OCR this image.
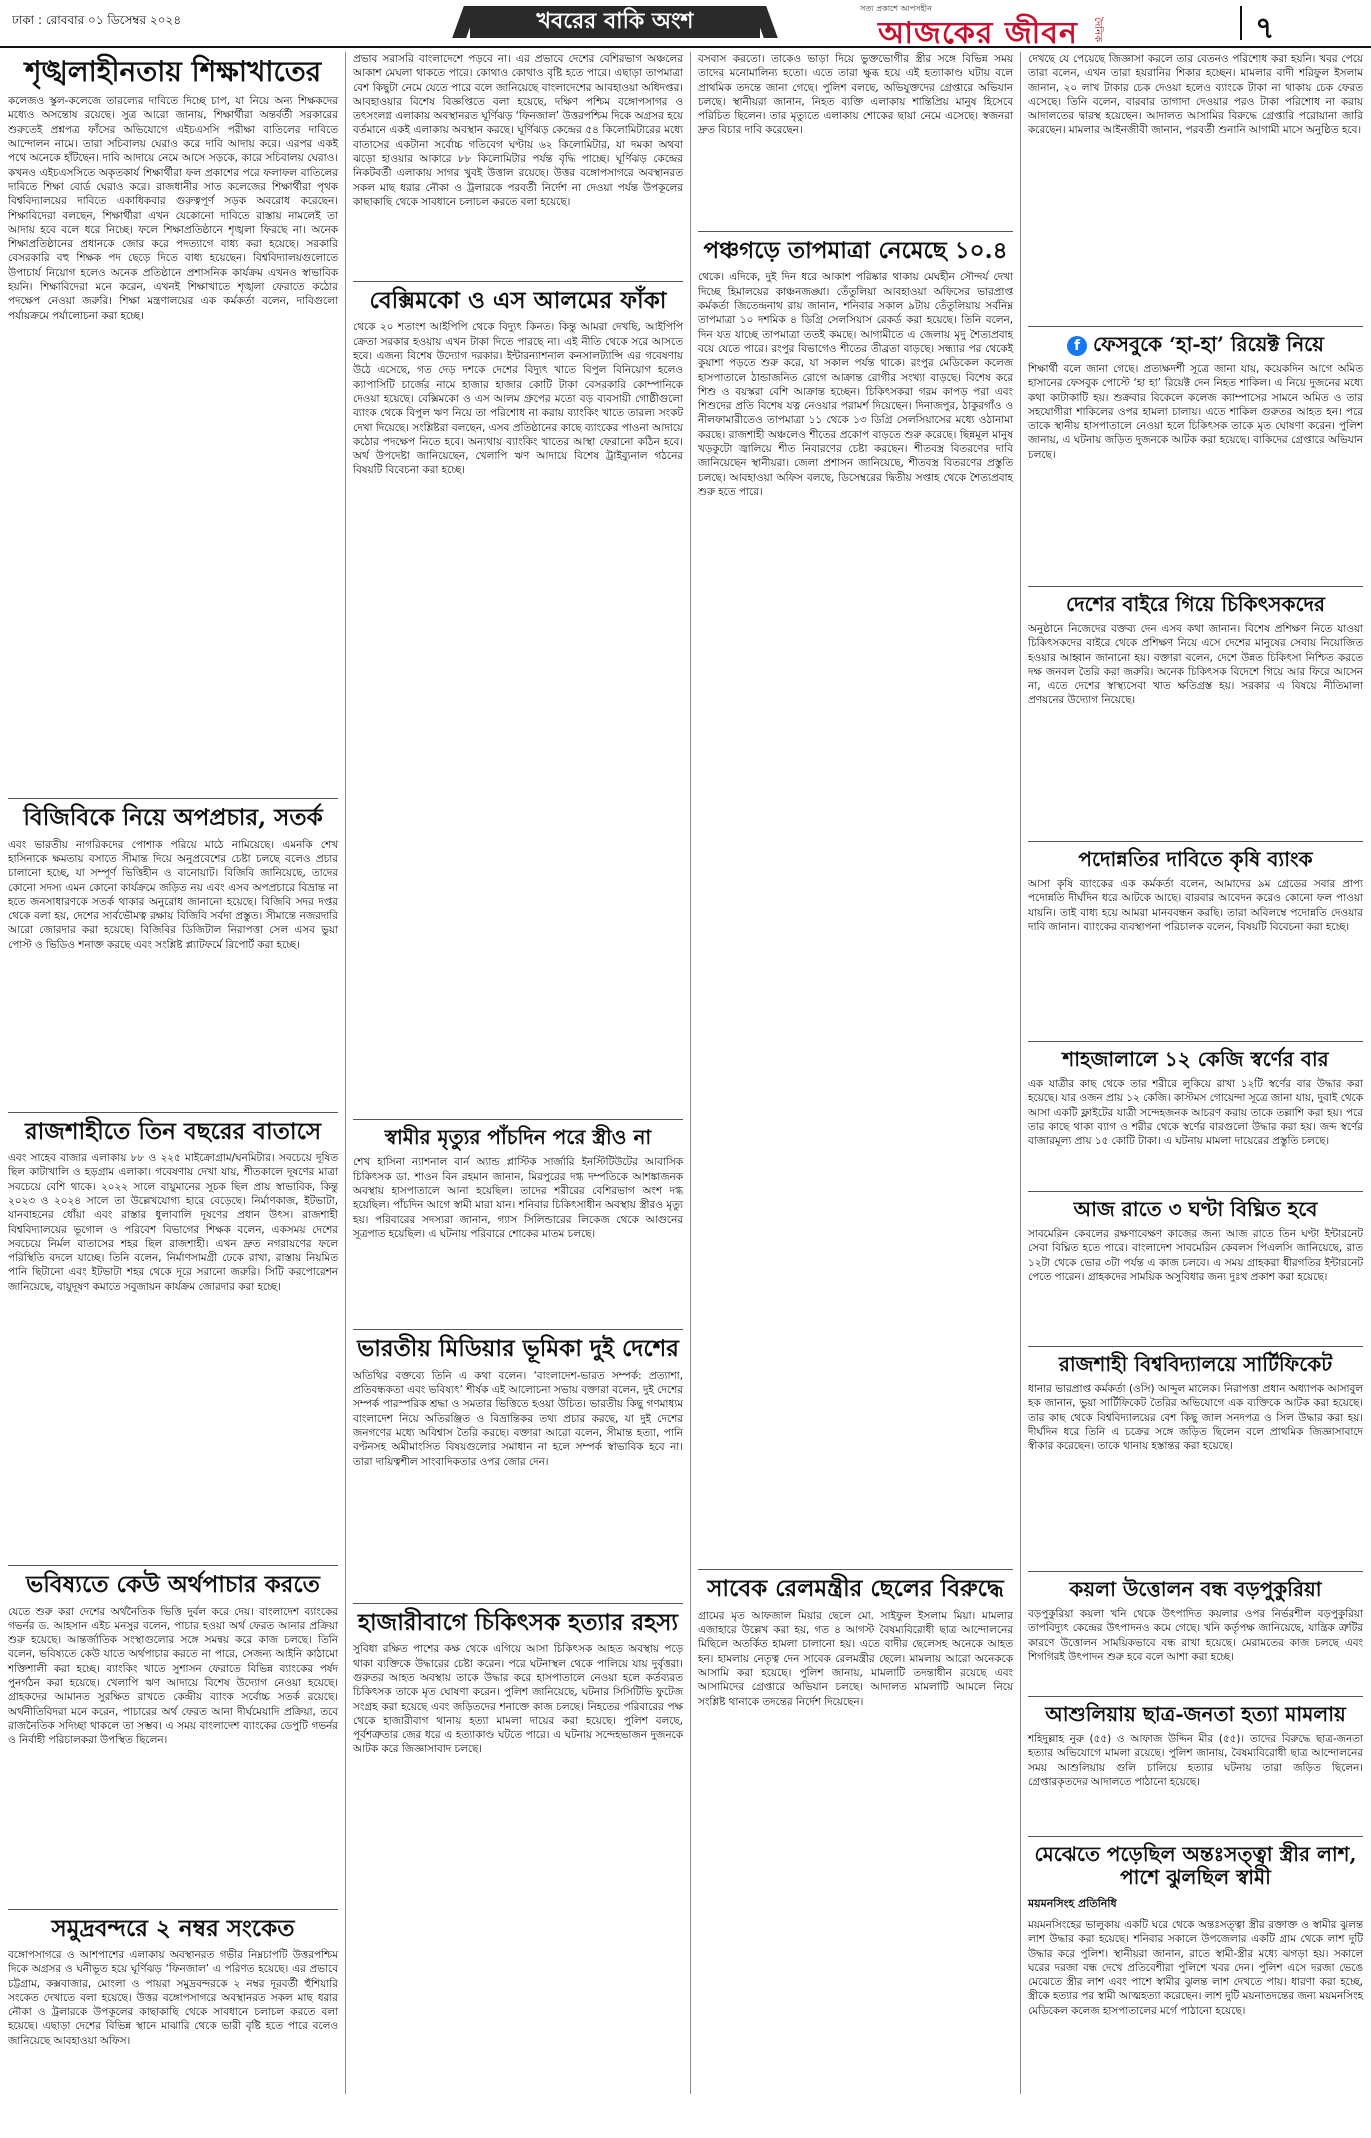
ঢাকা : রোববার ০১ ডিসেম্বর ২০২৪	খবরের বাকি অংশ
সত্য প্রকাশে আপসহীন
আজকের জীবন	দৈনিক	৭
শৃঙ্খলাহীনতায় শিক্ষাখাতের

কলেজও স্কুল-কলেজে তারল্যের দাবিতে দিচ্ছে চাপ, যা নিয়ে অন্য শিক্ষকদের মধ্যেও অসন্তোষ রয়েছে। সুত্র আরো জানায়, শিক্ষার্থীরা অন্তর্বর্তী সরকারের শুরুতেই প্রশ্নপত্র ফাঁসের অভিযোগে এইচএসসি পরীক্ষা বাতিলের দাবিতে আন্দোলন নামে। তারা সচিবালয় ঘেরাও করে দাবি আদায় করে। এরপর একই পথে অনেকে হাঁটছেন। দাবি আদায়ে নেমে আসে সড়কে, কারে সচিবালয় ঘেরাও। কখনও এইচএসসিতে অকৃতকার্য শিক্ষার্থীরা ফল প্রকাশের পরে ফলাফল বাতিলের দাবিতে শিক্ষা বোর্ড ঘেরাও করে। রাজধানীর সাত কলেজের শিক্ষার্থীরা পৃথক বিশ্ববিদ্যালয়ের দাবিতে একাধিকবার গুরুত্বপূর্ণ সড়ক অবরোধ করেছেন। শিক্ষাবিদেরা বলছেন, শিক্ষার্থীরা এখন যেকোনো দাবিতে রাস্তায় নামলেই তা আদায় হবে বলে ধরে নিচ্ছে। ফলে শিক্ষাপ্রতিষ্ঠানে শৃঙ্খলা ফিরছে না। অনেক শিক্ষাপ্রতিষ্ঠানের প্রধানকে জোর করে পদত্যাগে বাধ্য করা হয়েছে। সরকারি বেসরকারি বহু শিক্ষক পদ ছেড়ে দিতে বাধ্য হয়েছেন। বিশ্ববিদ্যালয়গুলোতে উপাচার্য নিয়োগ হলেও অনেক প্রতিষ্ঠানে প্রশাসনিক কার্যক্রম এখনও স্বাভাবিক হয়নি। শিক্ষাবিদেরা মনে করেন, এখনই শিক্ষাখাতে শৃঙ্খলা ফেরাতে কঠোর পদক্ষেপ নেওয়া জরুরি। শিক্ষা মন্ত্রণালয়ের এক কর্মকর্তা বলেন, দাবিগুলো পর্যায়ক্রমে পর্যালোচনা করা হচ্ছে।

বিজিবিকে নিয়ে অপপ্রচার, সতর্ক

এবং ভারতীয় নাগরিকদের পোশাক পরিয়ে মাঠে নামিয়েছে। এমনকি শেখ হাসিনাকে ক্ষমতায় বসাতে সীমান্ত দিয়ে অনুপ্রবেশের চেষ্টা চলছে বলেও প্রচার চালানো হচ্ছে, যা সম্পূর্ণ ভিত্তিহীন ও বানোয়াট। বিজিবি জানিয়েছে, তাদের কোনো সদস্য এমন কোনো কার্যক্রমে জড়িত নয় এবং এসব অপপ্রচারে বিভ্রান্ত না হতে জনসাধারণকে সতর্ক থাকার অনুরোধ জানানো হয়েছে। বিজিবি সদর দপ্তর থেকে বলা হয়, দেশের সার্বভৌমত্ব রক্ষায় বিজিবি সর্বদা প্রস্তুত। সীমান্তে নজরদারি আরো জোরদার করা হয়েছে। বিজিবির ডিজিটাল নিরাপত্তা সেল এসব ভুয়া পোস্ট ও ভিডিও শনাক্ত করছে এবং সংশ্লিষ্ট প্ল্যাটফর্মে রিপোর্ট করা হচ্ছে।

রাজশাহীতে তিন বছরের বাতাসে

এবং সাহেব বাজার এলাকায় ৮৮ ও ২২৫ মাইক্রোগ্রাম/ঘনমিটার। সবচেয়ে দূষিত ছিল কাটাখালি ও হড়গ্রাম এলাকা। গবেষণায় দেখা যায়, শীতকালে দূষণের মাত্রা সবচেয়ে বেশি থাকে। ২০২২ সালে বায়ুমানের সূচক ছিল প্রায় স্বাভাবিক, কিন্তু ২০২৩ ও ২০২৪ সালে তা উল্লেখযোগ্য হারে বেড়েছে। নির্মাণকাজ, ইটভাটা, যানবাহনের ধোঁয়া এবং রাস্তার ধুলাবালি দূষণের প্রধান উৎস। রাজশাহী বিশ্ববিদ্যালয়ের ভূগোল ও পরিবেশ বিভাগের শিক্ষক বলেন, একসময় দেশের সবচেয়ে নির্মল বাতাসের শহর ছিল রাজশাহী। এখন দ্রুত নগরায়ণের ফলে পরিস্থিতি বদলে যাচ্ছে। তিনি বলেন, নির্মাণসামগ্রী ঢেকে রাখা, রাস্তায় নিয়মিত পানি ছিটানো এবং ইটভাটা শহর থেকে দূরে সরানো জরুরি। সিটি করপোরেশন জানিয়েছে, বায়ুদূষণ কমাতে সবুজায়ন কার্যক্রম জোরদার করা হচ্ছে।

ভবিষ্যতে কেউ অর্থপাচার করতে

যেতে শুরু করা দেশের অর্থনৈতিক ভিত্তি দুর্বল করে দেয়। বাংলাদেশ ব্যাংকের গভর্নর ড. আহসান এইচ মনসুর বলেন, পাচার হওয়া অর্থ ফেরত আনার প্রক্রিয়া শুরু হয়েছে। আন্তর্জাতিক সংস্থাগুলোর সঙ্গে সমন্বয় করে কাজ চলছে। তিনি বলেন, ভবিষ্যতে কেউ যাতে অর্থপাচার করতে না পারে, সেজন্য আইনি কাঠামো শক্তিশালী করা হচ্ছে। ব্যাংকিং খাতে সুশাসন ফেরাতে বিভিন্ন ব্যাংকের পর্ষদ পুনর্গঠন করা হয়েছে। খেলাপি ঋণ আদায়ে বিশেষ উদ্যোগ নেওয়া হয়েছে। গ্রাহকদের আমানত সুরক্ষিত রাখতে কেন্দ্রীয় ব্যাংক সর্বোচ্চ সতর্ক রয়েছে। অর্থনীতিবিদরা মনে করেন, পাচারের অর্থ ফেরত আনা দীর্ঘমেয়াদি প্রক্রিয়া, তবে রাজনৈতিক সদিচ্ছা থাকলে তা সম্ভব। এ সময় বাংলাদেশ ব্যাংকের ডেপুটি গভর্নর ও নির্বাহী পরিচালকরা উপস্থিত ছিলেন।

সমুদ্রবন্দরে ২ নম্বর সংকেত

বঙ্গোপসাগরে ও আশপাশের এলাকায় অবস্থানরত গভীর নিম্নচাপটি উত্তরপশ্চিম দিকে অগ্রসর ও ঘনীভূত হয়ে ঘূর্ণিঝড় ‘ফিনজাল’ এ পরিণত হয়েছে। এর প্রভাবে চট্টগ্রাম, কক্সবাজার, মোংলা ও পায়রা সমুদ্রবন্দরকে ২ নম্বর দূরবর্তী হুঁশিয়ারি সংকেত দেখাতে বলা হয়েছে। উত্তর বঙ্গোপসাগরে অবস্থানরত সকল মাছ ধরার নৌকা ও ট্রলারকে উপকূলের কাছাকাছি থেকে সাবধানে চলাচল করতে বলা হয়েছে। এছাড়া দেশের বিভিন্ন স্থানে মাঝারি থেকে ভারী বৃষ্টি হতে পারে বলেও জানিয়েছে আবহাওয়া অফিস।

প্রভাব সরাসরি বাংলাদেশে পড়বে না। এর প্রভাবে দেশের বেশিরভাগ অঞ্চলের আকাশ মেঘলা থাকতে পারে। কোথাও কোথাও বৃষ্টি হতে পারে। এছাড়া তাপমাত্রা বেশ কিছুটা নেমে যেতে পারে বলে জানিয়েছে বাংলাদেশের আবহাওয়া অধিদপ্তর। আবহাওয়ার বিশেষ বিজ্ঞপ্তিতে বলা হয়েছে, দক্ষিণ পশ্চিম বঙ্গোপসাগর ও তৎসংলগ্ন এলাকায় অবস্থানরত ঘূর্ণিঝড় ‘ফিনজাল’ উত্তরপশ্চিম দিকে অগ্রসর হয়ে বর্তমানে একই এলাকায় অবস্থান করছে। ঘূর্ণিঝড় কেন্দ্রের ৫৪ কিলোমিটারের মধ্যে বাতাসের একটানা সর্বোচ্চ গতিবেগ ঘণ্টায় ৬২ কিলোমিটার, যা দমকা অথবা ঝড়ো হাওয়ার আকারে ৮৮ কিলোমিটার পর্যন্ত বৃদ্ধি পাচ্ছে। ঘূর্ণিঝড় কেন্দ্রের নিকটবর্তী এলাকায় সাগর খুবই উত্তাল রয়েছে। উত্তর বঙ্গোপসাগরে অবস্থানরত সকল মাছ ধরার নৌকা ও ট্রলারকে পরবর্তী নির্দেশ না দেওয়া পর্যন্ত উপকূলের কাছাকাছি থেকে সাবধানে চলাচল করতে বলা হয়েছে।

বেক্সিমকো ও এস আলমের ফাঁকা

থেকে ২০ শতাংশ আইপিপি থেকে বিদ্যুৎ কিনত। কিন্তু আমরা দেখছি, আইপিপি ক্রেতা সরকার হওয়ায় এখন টাকা দিতে পারছে না। এই নীতি থেকে সরে আসতে হবে। এজন্য বিশেষ উদ্যোগ দরকার। ইন্টারন্যাশনাল কনসালট্যান্সি এর গবেষণায় উঠে এসেছে, গত দেড় দশকে দেশের বিদ্যুৎ খাতে বিপুল বিনিয়োগ হলেও ক্যাপাসিটি চার্জের নামে হাজার হাজার কোটি টাকা বেসরকারি কোম্পানিকে দেওয়া হয়েছে। বেক্সিমকো ও এস আলম গ্রুপের মতো বড় ব্যবসায়ী গোষ্ঠীগুলো ব্যাংক থেকে বিপুল ঋণ নিয়ে তা পরিশোধ না করায় ব্যাংকিং খাতে তারল্য সংকট দেখা দিয়েছে। সংশ্লিষ্টরা বলছেন, এসব প্রতিষ্ঠানের কাছে ব্যাংকের পাওনা আদায়ে কঠোর পদক্ষেপ নিতে হবে। অন্যথায় ব্যাংকিং খাতের আস্থা ফেরানো কঠিন হবে। অর্থ উপদেষ্টা জানিয়েছেন, খেলাপি ঋণ আদায়ে বিশেষ ট্রাইব্যুনাল গঠনের বিষয়টি বিবেচনা করা হচ্ছে।

স্বামীর মৃত্যুর পাঁচদিন পরে স্ত্রীও না

শেখ হাসিনা ন্যাশনাল বার্ন অ্যান্ড প্লাস্টিক সার্জারি ইনস্টিটিউটের আবাসিক চিকিৎসক ডা. শাওন বিন রহমান জানান, মিরপুরের দগ্ধ দম্পতিকে আশঙ্কাজনক অবস্থায় হাসপাতালে আনা হয়েছিল। তাদের শরীরের বেশিরভাগ অংশ দগ্ধ হয়েছিল। পাঁচদিন আগে স্বামী মারা যান। শনিবার চিকিৎসাধীন অবস্থায় স্ত্রীরও মৃত্যু হয়। পরিবারের সদস্যরা জানান, গ্যাস সিলিন্ডারের লিকেজ থেকে আগুনের সূত্রপাত হয়েছিল। এ ঘটনায় পরিবারে শোকের মাতম চলছে।

ভারতীয় মিডিয়ার ভূমিকা দুই দেশের

অতিথির বক্তব্যে তিনি এ কথা বলেন। ‘বাংলাদেশ-ভারত সম্পর্ক: প্রত্যাশা, প্রতিবন্ধকতা এবং ভবিষ্যৎ’ শীর্ষক এই আলোচনা সভায় বক্তারা বলেন, দুই দেশের সম্পর্ক পারস্পরিক শ্রদ্ধা ও সমতার ভিত্তিতে হওয়া উচিত। ভারতীয় কিছু গণমাধ্যম বাংলাদেশ নিয়ে অতিরঞ্জিত ও বিভ্রান্তিকর তথ্য প্রচার করছে, যা দুই দেশের জনগণের মধ্যে অবিশ্বাস তৈরি করছে। বক্তারা আরো বলেন, সীমান্ত হত্যা, পানি বণ্টনসহ অমীমাংসিত বিষয়গুলোর সমাধান না হলে সম্পর্ক স্বাভাবিক হবে না। তারা দায়িত্বশীল সাংবাদিকতার ওপর জোর দেন।

হাজারীবাগে চিকিৎসক হত্যার রহস্য

সুবিধা রক্ষিত পাশের কক্ষ থেকে এগিয়ে আসা চিকিৎসক আহত অবস্থায় পড়ে থাকা ব্যক্তিকে উদ্ধারের চেষ্টা করেন। পরে ঘটনাস্থল থেকে পালিয়ে যায় দুর্বৃত্তরা। গুরুতর আহত অবস্থায় তাকে উদ্ধার করে হাসপাতালে নেওয়া হলে কর্তব্যরত চিকিৎসক তাকে মৃত ঘোষণা করেন। পুলিশ জানিয়েছে, ঘটনার সিসিটিভি ফুটেজ সংগ্রহ করা হয়েছে এবং জড়িতদের শনাক্তে কাজ চলছে। নিহতের পরিবারের পক্ষ থেকে হাজারীবাগ থানায় হত্যা মামলা দায়ের করা হয়েছে। পুলিশ বলছে, পূর্বশত্রুতার জের ধরে এ হত্যাকাণ্ড ঘটতে পারে। এ ঘটনায় সন্দেহভাজন দুজনকে আটক করে জিজ্ঞাসাবাদ চলছে।

বসবাস করতো। তাকেও ভাড়া দিয়ে ভুক্তভোগীর স্ত্রীর সঙ্গে বিভিন্ন সময় তাদের মনোমালিন্য হতো। এতে তারা ক্ষুব্ধ হয়ে এই হত্যাকাণ্ড ঘটায় বলে প্রাথমিক তদন্তে জানা গেছে। পুলিশ বলছে, অভিযুক্তদের গ্রেপ্তারে অভিযান চলছে। স্থানীয়রা জানান, নিহত ব্যক্তি এলাকায় শান্তিপ্রিয় মানুষ হিসেবে পরিচিত ছিলেন। তার মৃত্যুতে এলাকায় শোকের ছায়া নেমে এসেছে। স্বজনরা দ্রুত বিচার দাবি করেছেন।

পঞ্চগড়ে তাপমাত্রা নেমেছে ১০.৪

থেকে। এদিকে, দুই দিন ধরে আকাশ পরিষ্কার থাকায় মেঘহীন সৌন্দর্য দেখা দিচ্ছে হিমালয়ের কাঞ্চনজঙ্ঘা। তেঁতুলিয়া আবহাওয়া অফিসের ভারপ্রাপ্ত কর্মকর্তা জিতেন্দ্রনাথ রায় জানান, শনিবার সকাল ৯টায় তেঁতুলিয়ায় সর্বনিম্ন তাপমাত্রা ১০ দশমিক ৪ ডিগ্রি সেলসিয়াস রেকর্ড করা হয়েছে। তিনি বলেন, দিন যত যাচ্ছে তাপমাত্রা ততই কমছে। আগামীতে এ জেলায় মৃদু শৈত্যপ্রবাহ বয়ে যেতে পারে। রংপুর বিভাগেও শীতের তীব্রতা বাড়ছে। সন্ধ্যার পর থেকেই কুয়াশা পড়তে শুরু করে, যা সকাল পর্যন্ত থাকে। রংপুর মেডিকেল কলেজ হাসপাতালে ঠান্ডাজনিত রোগে আক্রান্ত রোগীর সংখ্যা বাড়ছে। বিশেষ করে শিশু ও বয়স্করা বেশি আক্রান্ত হচ্ছেন। চিকিৎসকরা গরম কাপড় পরা এবং শিশুদের প্রতি বিশেষ যত্ন নেওয়ার পরামর্শ দিয়েছেন। দিনাজপুর, ঠাকুরগাঁও ও নীলফামারীতেও তাপমাত্রা ১১ থেকে ১৩ ডিগ্রি সেলসিয়াসের মধ্যে ওঠানামা করছে। রাজশাহী অঞ্চলেও শীতের প্রকোপ বাড়তে শুরু করেছে। ছিন্নমূল মানুষ খড়কুটো জ্বালিয়ে শীত নিবারণের চেষ্টা করছেন। শীতবস্ত্র বিতরণের দাবি জানিয়েছেন স্থানীয়রা। জেলা প্রশাসন জানিয়েছে, শীতবস্ত্র বিতরণের প্রস্তুতি চলছে। আবহাওয়া অফিস বলছে, ডিসেম্বরের দ্বিতীয় সপ্তাহ থেকে শৈত্যপ্রবাহ শুরু হতে পারে।

সাবেক রেলমন্ত্রীর ছেলের বিরুদ্ধে

গ্রামের মৃত আফজাল মিয়ার ছেলে মো. সাইফুল ইসলাম মিয়া। মামলার এজাহারে উল্লেখ করা হয়, গত ৪ আগস্ট বৈষম্যবিরোধী ছাত্র আন্দোলনের মিছিলে অতর্কিত হামলা চালানো হয়। এতে বাদীর ছেলেসহ অনেকে আহত হন। হামলায় নেতৃত্ব দেন সাবেক রেলমন্ত্রীর ছেলে। মামলায় আরো অনেককে আসামি করা হয়েছে। পুলিশ জানায়, মামলাটি তদন্তাধীন রয়েছে এবং আসামিদের গ্রেপ্তারে অভিযান চলছে। আদালত মামলাটি আমলে নিয়ে সংশ্লিষ্ট থানাকে তদন্তের নির্দেশ দিয়েছেন।

দেখছে যে পেয়েছে জিজ্ঞাসা করলে তার বেতনও পরিশোধ করা হয়নি। খবর পেয়ে তারা বলেন, এখন তারা হয়রানির শিকার হচ্ছেন। মামলার বাদী শরিফুল ইসলাম জানান, ২০ লাখ টাকার চেক দেওয়া হলেও ব্যাংকে টাকা না থাকায় চেক ফেরত এসেছে। তিনি বলেন, বারবার তাগাদা দেওয়ার পরও টাকা পরিশোধ না করায় আদালতের দ্বারস্থ হয়েছেন। আদালত আসামির বিরুদ্ধে গ্রেপ্তারি পরোয়ানা জারি করেছেন। মামলার আইনজীবী জানান, পরবর্তী শুনানি আগামী মাসে অনুষ্ঠিত হবে।

f ফেসবুকে ‘হা-হা’ রিয়েক্ট নিয়ে

শিক্ষার্থী বলে জানা গেছে। প্রত্যক্ষদর্শী সূত্রে জানা যায়, কয়েকদিন আগে অমিত হাসানের ফেসবুক পোস্টে ‘হা হা’ রিয়েক্ট দেন নিহত শাকিল। এ নিয়ে দুজনের মধ্যে কথা কাটাকাটি হয়। শুক্রবার বিকেলে কলেজ ক্যাম্পাসের সামনে অমিত ও তার সহযোগীরা শাকিলের ওপর হামলা চালায়। এতে শাকিল গুরুতর আহত হন। পরে তাকে স্থানীয় হাসপাতালে নেওয়া হলে চিকিৎসক তাকে মৃত ঘোষণা করেন। পুলিশ জানায়, এ ঘটনায় জড়িত দুজনকে আটক করা হয়েছে। বাকিদের গ্রেপ্তারে অভিযান চলছে।

দেশের বাইরে গিয়ে চিকিৎসকদের

অনুষ্ঠানে নিজেদের বক্তব্য দেন এসব কথা জানান। বিশেষ প্রশিক্ষণ নিতে যাওয়া চিকিৎসকদের বাইরে থেকে প্রশিক্ষণ নিয়ে এসে দেশের মানুষের সেবায় নিয়োজিত হওয়ার আহ্বান জানানো হয়। বক্তারা বলেন, দেশে উন্নত চিকিৎসা নিশ্চিত করতে দক্ষ জনবল তৈরি করা জরুরি। অনেক চিকিৎসক বিদেশে গিয়ে আর ফিরে আসেন না, এতে দেশের স্বাস্থ্যসেবা খাত ক্ষতিগ্রস্ত হয়। সরকার এ বিষয়ে নীতিমালা প্রণয়নের উদ্যোগ নিয়েছে।

পদোন্নতির দাবিতে কৃষি ব্যাংক

আসা কৃষি ব্যাংকের এক কর্মকর্তা বলেন, আমাদের ৯ম গ্রেডের সবার প্রাপ্য পদোন্নতি দীর্ঘদিন ধরে আটকে আছে। বারবার আবেদন করেও কোনো ফল পাওয়া যায়নি। তাই বাধ্য হয়ে আমরা মানববন্ধন করছি। তারা অবিলম্বে পদোন্নতি দেওয়ার দাবি জানান। ব্যাংকের ব্যবস্থাপনা পরিচালক বলেন, বিষয়টি বিবেচনা করা হচ্ছে।

শাহজালালে ১২ কেজি স্বর্ণের বার

এক যাত্রীর কাছ থেকে তার শরীরে লুকিয়ে রাখা ১২টি স্বর্ণের বার উদ্ধার করা হয়েছে। যার ওজন প্রায় ১২ কেজি। কাস্টমস গোয়েন্দা সূত্রে জানা যায়, দুবাই থেকে আসা একটি ফ্লাইটের যাত্রী সন্দেহজনক আচরণ করায় তাকে তল্লাশি করা হয়। পরে তার কাছে থাকা ব্যাগ ও শরীর থেকে স্বর্ণের বারগুলো উদ্ধার করা হয়। জব্দ স্বর্ণের বাজারমূল্য প্রায় ১৫ কোটি টাকা। এ ঘটনায় মামলা দায়েরের প্রস্তুতি চলছে।

আজ রাতে ৩ ঘণ্টা বিঘ্নিত হবে

সাবমেরিন কেবলের রক্ষণাবেক্ষণ কাজের জন্য আজ রাতে তিন ঘণ্টা ইন্টারনেট সেবা বিঘ্নিত হতে পারে। বাংলাদেশ সাবমেরিন কেবলস পিএলসি জানিয়েছে, রাত ১২টা থেকে ভোর ৩টা পর্যন্ত এ কাজ চলবে। এ সময় গ্রাহকরা ধীরগতির ইন্টারনেট পেতে পারেন। গ্রাহকদের সাময়িক অসুবিধার জন্য দুঃখ প্রকাশ করা হয়েছে।

রাজশাহী বিশ্ববিদ্যালয়ে সার্টিফিকেট

ধানার ভারপ্রাপ্ত কর্মকর্তা (ওসি) আব্দুল মালেক। নিরাপত্তা প্রধান অধ্যাপক আসাবুল হক জানান, ভুয়া সার্টিফিকেট তৈরির অভিযোগে এক ব্যক্তিকে আটক করা হয়েছে। তার কাছ থেকে বিশ্ববিদ্যালয়ের বেশ কিছু জাল সনদপত্র ও সিল উদ্ধার করা হয়। দীর্ঘদিন ধরে তিনি এ চক্রের সঙ্গে জড়িত ছিলেন বলে প্রাথমিক জিজ্ঞাসাবাদে স্বীকার করেছেন। তাকে থানায় হস্তান্তর করা হয়েছে।

কয়লা উত্তোলন বন্ধ বড়পুকুরিয়া

বড়পুকুরিয়া কয়লা খনি থেকে উৎপাদিত কয়লার ওপর নির্ভরশীল বড়পুকুরিয়া তাপবিদ্যুৎ কেন্দ্রের উৎপাদনও কমে গেছে। খনি কর্তৃপক্ষ জানিয়েছে, যান্ত্রিক ত্রুটির কারণে উত্তোলন সাময়িকভাবে বন্ধ রাখা হয়েছে। মেরামতের কাজ চলছে এবং শিগগিরই উৎপাদন শুরু হবে বলে আশা করা হচ্ছে।

আশুলিয়ায় ছাত্র-জনতা হত্যা মামলায়

শহিদুল্লাহ নুরু (৫৫) ও আফাজ উদ্দিন মীর (৫৫)। তাদের বিরুদ্ধে ছাত্র-জনতা হত্যার অভিযোগে মামলা রয়েছে। পুলিশ জানায়, বৈষম্যবিরোধী ছাত্র আন্দোলনের সময় আশুলিয়ায় গুলি চালিয়ে হত্যার ঘটনায় তারা জড়িত ছিলেন। গ্রেপ্তারকৃতদের আদালতে পাঠানো হয়েছে।

মেঝেতে পড়েছিল অন্তঃসত্ত্বা স্ত্রীর লাশ, পাশে ঝুলছিল স্বামী
ময়মনসিংহ প্রতিনিধি

ময়মনসিংহের ভালুকায় একটি ঘরে থেকে অন্তঃসত্ত্বা স্ত্রীর রক্তাক্ত ও স্বামীর ঝুলন্ত লাশ উদ্ধার করা হয়েছে। শনিবার সকালে উপজেলার একটি গ্রাম থেকে লাশ দুটি উদ্ধার করে পুলিশ। স্থানীয়রা জানান, রাতে স্বামী-স্ত্রীর মধ্যে ঝগড়া হয়। সকালে ঘরের দরজা বন্ধ দেখে প্রতিবেশীরা পুলিশে খবর দেন। পুলিশ এসে দরজা ভেঙে মেঝেতে স্ত্রীর লাশ এবং পাশে স্বামীর ঝুলন্ত লাশ দেখতে পায়। ধারণা করা হচ্ছে, স্ত্রীকে হত্যার পর স্বামী আত্মহত্যা করেছেন। লাশ দুটি ময়নাতদন্তের জন্য ময়মনসিংহ মেডিকেল কলেজ হাসপাতালের মর্গে পাঠানো হয়েছে।
